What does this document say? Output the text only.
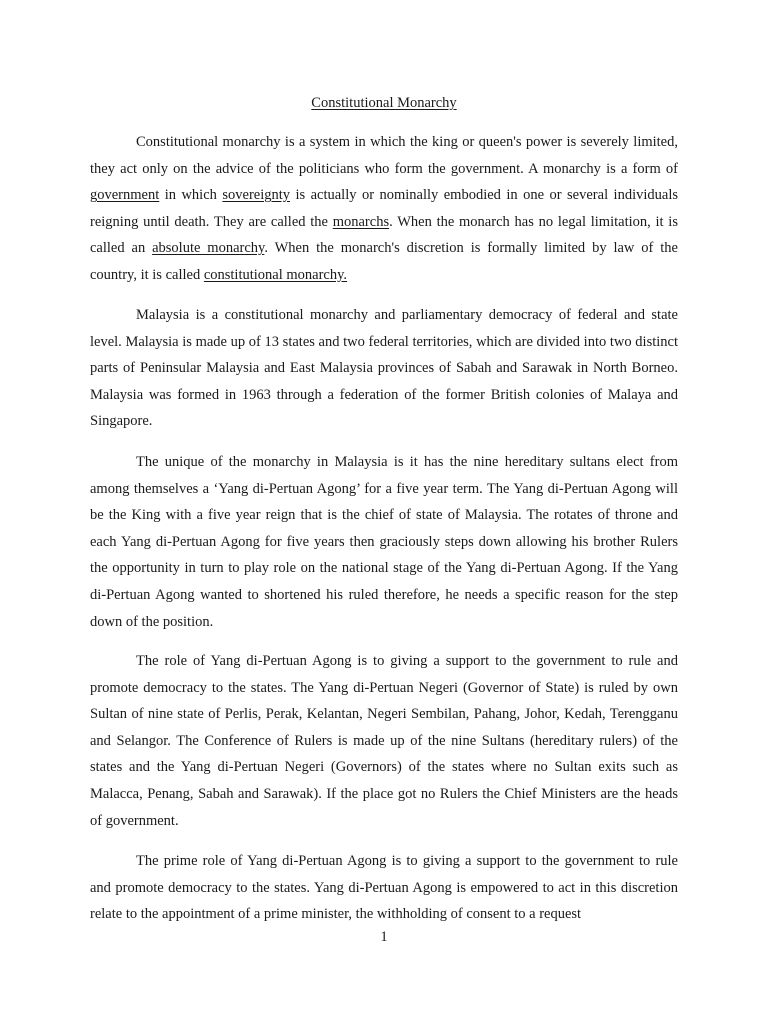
Constitutional Monarchy

Constitutional monarchy is a system in which the king or queen's power is severely limited, they act only on the advice of the politicians who form the government. A monarchy is a form of government in which sovereignty is actually or nominally embodied in one or several individuals reigning until death. They are called the monarchs. When the monarch has no legal limitation, it is called an absolute monarchy. When the monarch's discretion is formally limited by law of the country, it is called constitutional monarchy.

Malaysia is a constitutional monarchy and parliamentary democracy of federal and state level. Malaysia is made up of 13 states and two federal territories, which are divided into two distinct parts of Peninsular Malaysia and East Malaysia provinces of Sabah and Sarawak in North Borneo. Malaysia was formed in 1963 through a federation of the former British colonies of Malaya and Singapore.

The unique of the monarchy in Malaysia is it has the nine hereditary sultans elect from among themselves a ‘Yang di-Pertuan Agong’ for a five year term. The Yang di-Pertuan Agong will be the King with a five year reign that is the chief of state of Malaysia. The rotates of throne and each Yang di-Pertuan Agong for five years then graciously steps down allowing his brother Rulers the opportunity in turn to play role on the national stage of the Yang di-Pertuan Agong. If the Yang di-Pertuan Agong wanted to shortened his ruled therefore, he needs a specific reason for the step down of the position.

The role of Yang di-Pertuan Agong is to giving a support to the government to rule and promote democracy to the states. The Yang di-Pertuan Negeri (Governor of State) is ruled by own Sultan of nine state of Perlis, Perak, Kelantan, Negeri Sembilan, Pahang, Johor, Kedah, Terengganu and Selangor. The Conference of Rulers is made up of the nine Sultans (hereditary rulers) of the states and the Yang di-Pertuan Negeri (Governors) of the states where no Sultan exits such as Malacca, Penang, Sabah and Sarawak). If the place got no Rulers the Chief Ministers are the heads of government.

The prime role of Yang di-Pertuan Agong is to giving a support to the government to rule and promote democracy to the states. Yang di-Pertuan Agong is empowered to act in this discretion relate to the appointment of a prime minister, the withholding of consent to a request

1
